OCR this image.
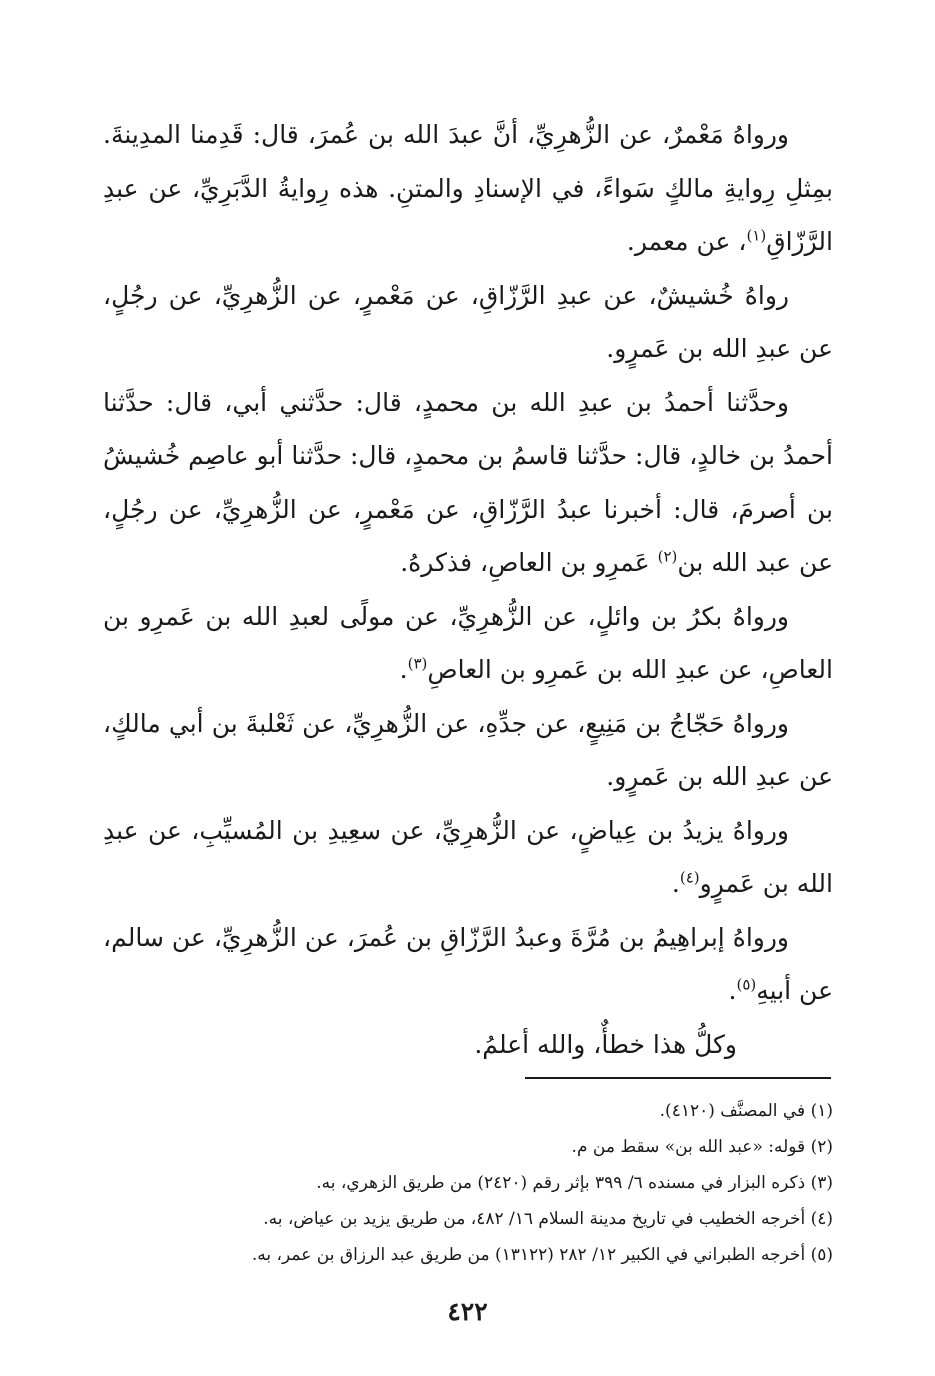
ورواهُ مَعْمرٌ، عن الزُّهرِيِّ، أنَّ عبدَ الله بن عُمرَ، قال: قَدِمنا المدِينةَ. بمِثلِ رِوايةِ مالكٍ سَواءً، في الإسنادِ والمتنِ. هذه رِوايةُ الدَّبَرِيِّ، عن عبدِ الرَّزّاقِ$^{(١)}$، عن معمر.

رواهُ خُشيشٌ، عن عبدِ الرَّزّاقِ، عن مَعْمرٍ، عن الزُّهرِيِّ، عن رجُلٍ، عن عبدِ الله بن عَمرٍو.

وحدَّثنا أحمدُ بن عبدِ الله بن محمدٍ، قال: حدَّثني أبي، قال: حدَّثنا أحمدُ بن خالدٍ، قال: حدَّثنا قاسمُ بن محمدٍ، قال: حدَّثنا أبو عاصِم خُشيشُ بن أصرمَ، قال: أخبرنا عبدُ الرَّزّاقِ، عن مَعْمرٍ، عن الزُّهرِيِّ، عن رجُلٍ، عن عبد الله بن$^{(٢)}$ عَمرِو بن العاصِ، فذكرهُ.

ورواهُ بكرُ بن وائلٍ، عن الزُّهرِيِّ، عن مولًى لعبدِ الله بن عَمرِو بن العاصِ، عن عبدِ الله بن عَمرِو بن العاصِ$^{(٣)}$.

ورواهُ حَجّاجُ بن مَنِيعٍ، عن جدِّهِ، عن الزُّهرِيِّ، عن ثَعْلبةَ بن أبي مالكٍ، عن عبدِ الله بن عَمرٍو.

ورواهُ يزيدُ بن عِياضٍ، عن الزُّهرِيِّ، عن سعِيدِ بن المُسيِّبِ، عن عبدِ الله بن عَمرٍو$^{(٤)}$.

ورواهُ إبراهِيمُ بن مُرَّةَ وعبدُ الرَّزّاقِ بن عُمرَ، عن الزُّهرِيِّ، عن سالم، عن أبيهِ$^{(٥)}$.

وكلُّ هذا خطأٌ، والله أعلمُ.

(١) في المصنَّف (٤١٢٠).

(٢) قوله: «عبد الله بن» سقط من م.

(٣) ذكره البزار في مسنده ٦/ ٣٩٩ بإثر رقم (٢٤٢٠) من طريق الزهري، به.

(٤) أخرجه الخطيب في تاريخ مدينة السلام ١٦/ ٤٨٢، من طريق يزيد بن عياض، به.

(٥) أخرجه الطبراني في الكبير ١٢/ ٢٨٢ (١٣١٢٢) من طريق عبد الرزاق بن عمر، به.

٤٢٢
